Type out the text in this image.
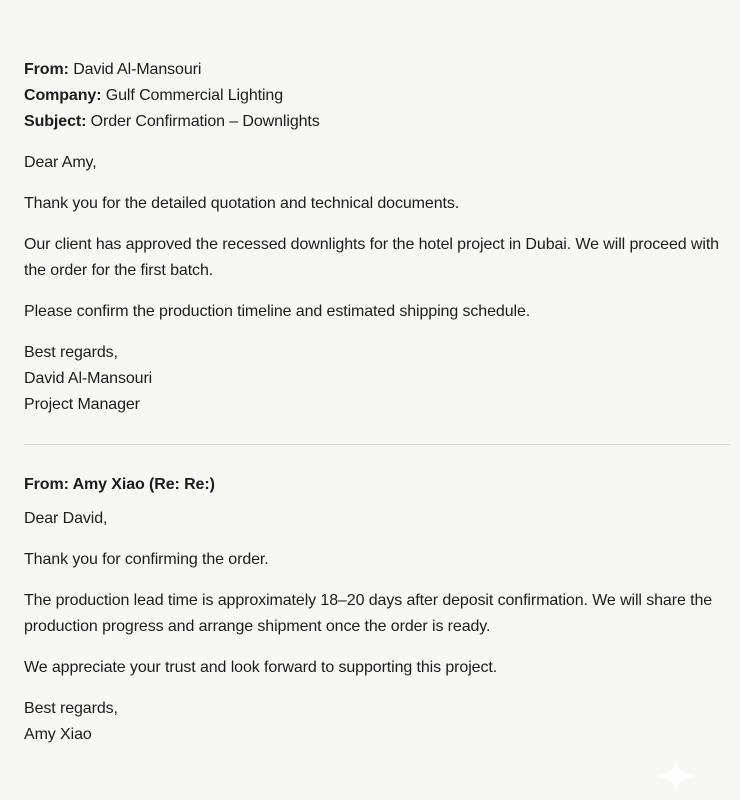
From: David Al-Mansouri

Company: Gulf Commercial Lighting

Subject: Order Confirmation – Downlights

Dear Amy,

Thank you for the detailed quotation and technical documents.

Our client has approved the recessed downlights for the hotel project in Dubai. We will proceed with the order for the first batch.

Please confirm the production timeline and estimated shipping schedule.

Best regards,

David Al-Mansouri

Project Manager

From: Amy Xiao (Re: Re:)

Dear David,

Thank you for confirming the order.

The production lead time is approximately 18–20 days after deposit confirmation. We will share the production progress and arrange shipment once the order is ready.

We appreciate your trust and look forward to supporting this project.

Best regards,

Amy Xiao
